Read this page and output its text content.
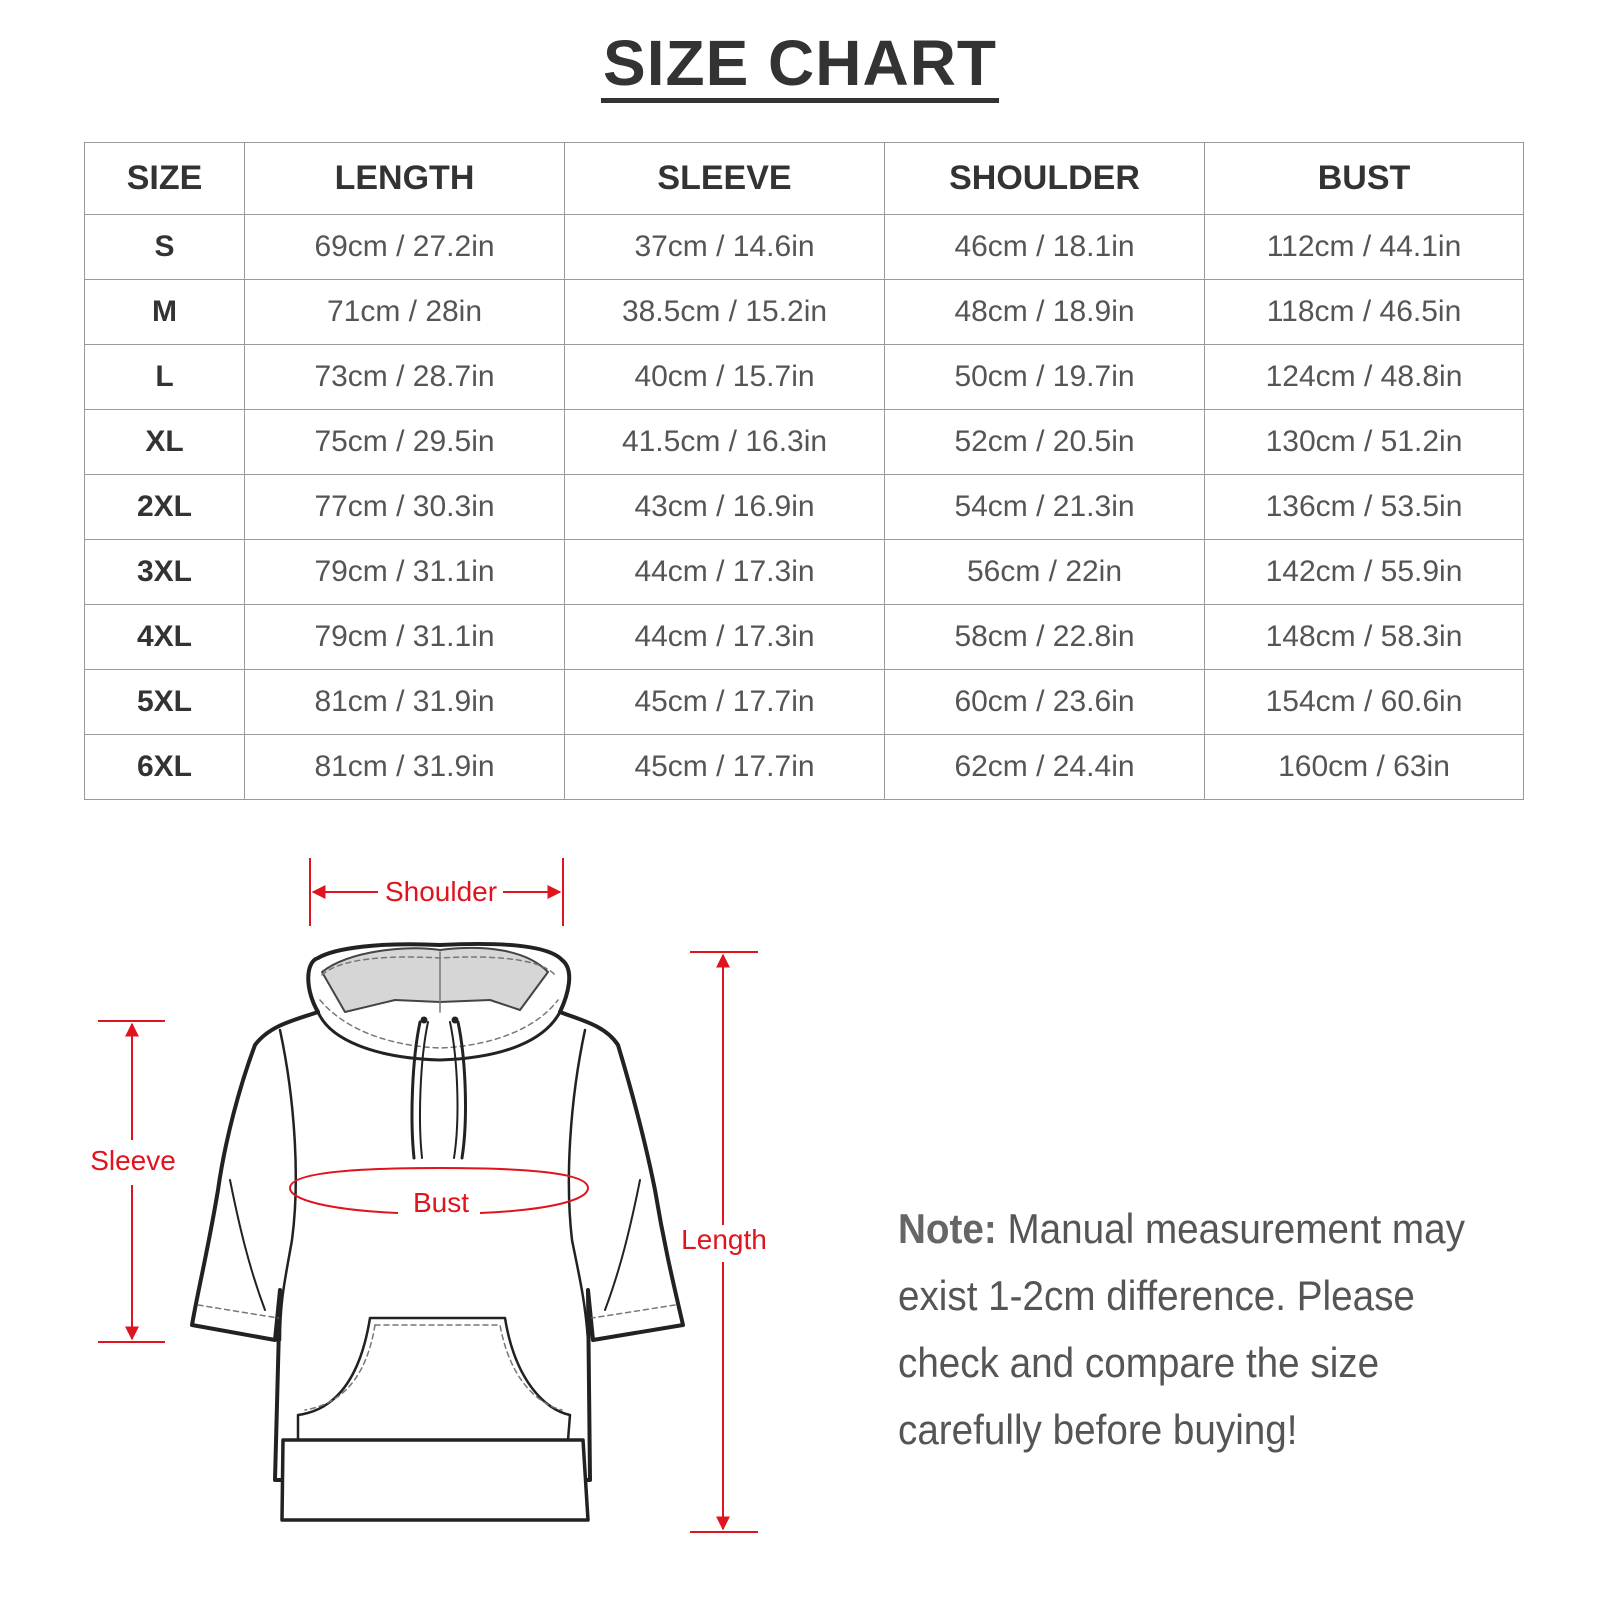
SIZE CHART
SIZE	LENGTH	SLEEVE	SHOULDER	BUST
S	69cm / 27.2in	37cm / 14.6in	46cm / 18.1in	112cm / 44.1in
M	71cm / 28in	38.5cm / 15.2in	48cm / 18.9in	118cm / 46.5in
L	73cm / 28.7in	40cm / 15.7in	50cm / 19.7in	124cm / 48.8in
XL	75cm / 29.5in	41.5cm / 16.3in	52cm / 20.5in	130cm / 51.2in
2XL	77cm / 30.3in	43cm / 16.9in	54cm / 21.3in	136cm / 53.5in
3XL	79cm / 31.1in	44cm / 17.3in	56cm / 22in	142cm / 55.9in
4XL	79cm / 31.1in	44cm / 17.3in	58cm / 22.8in	148cm / 58.3in
5XL	81cm / 31.9in	45cm / 17.7in	60cm / 23.6in	154cm / 60.6in
6XL	81cm / 31.9in	45cm / 17.7in	62cm / 24.4in	160cm / 63in
Shoulder
Sleeve
Bust
Length	Note: Manual measurement may exist 1-2cm difference. Please check and compare the size carefully before buying!
